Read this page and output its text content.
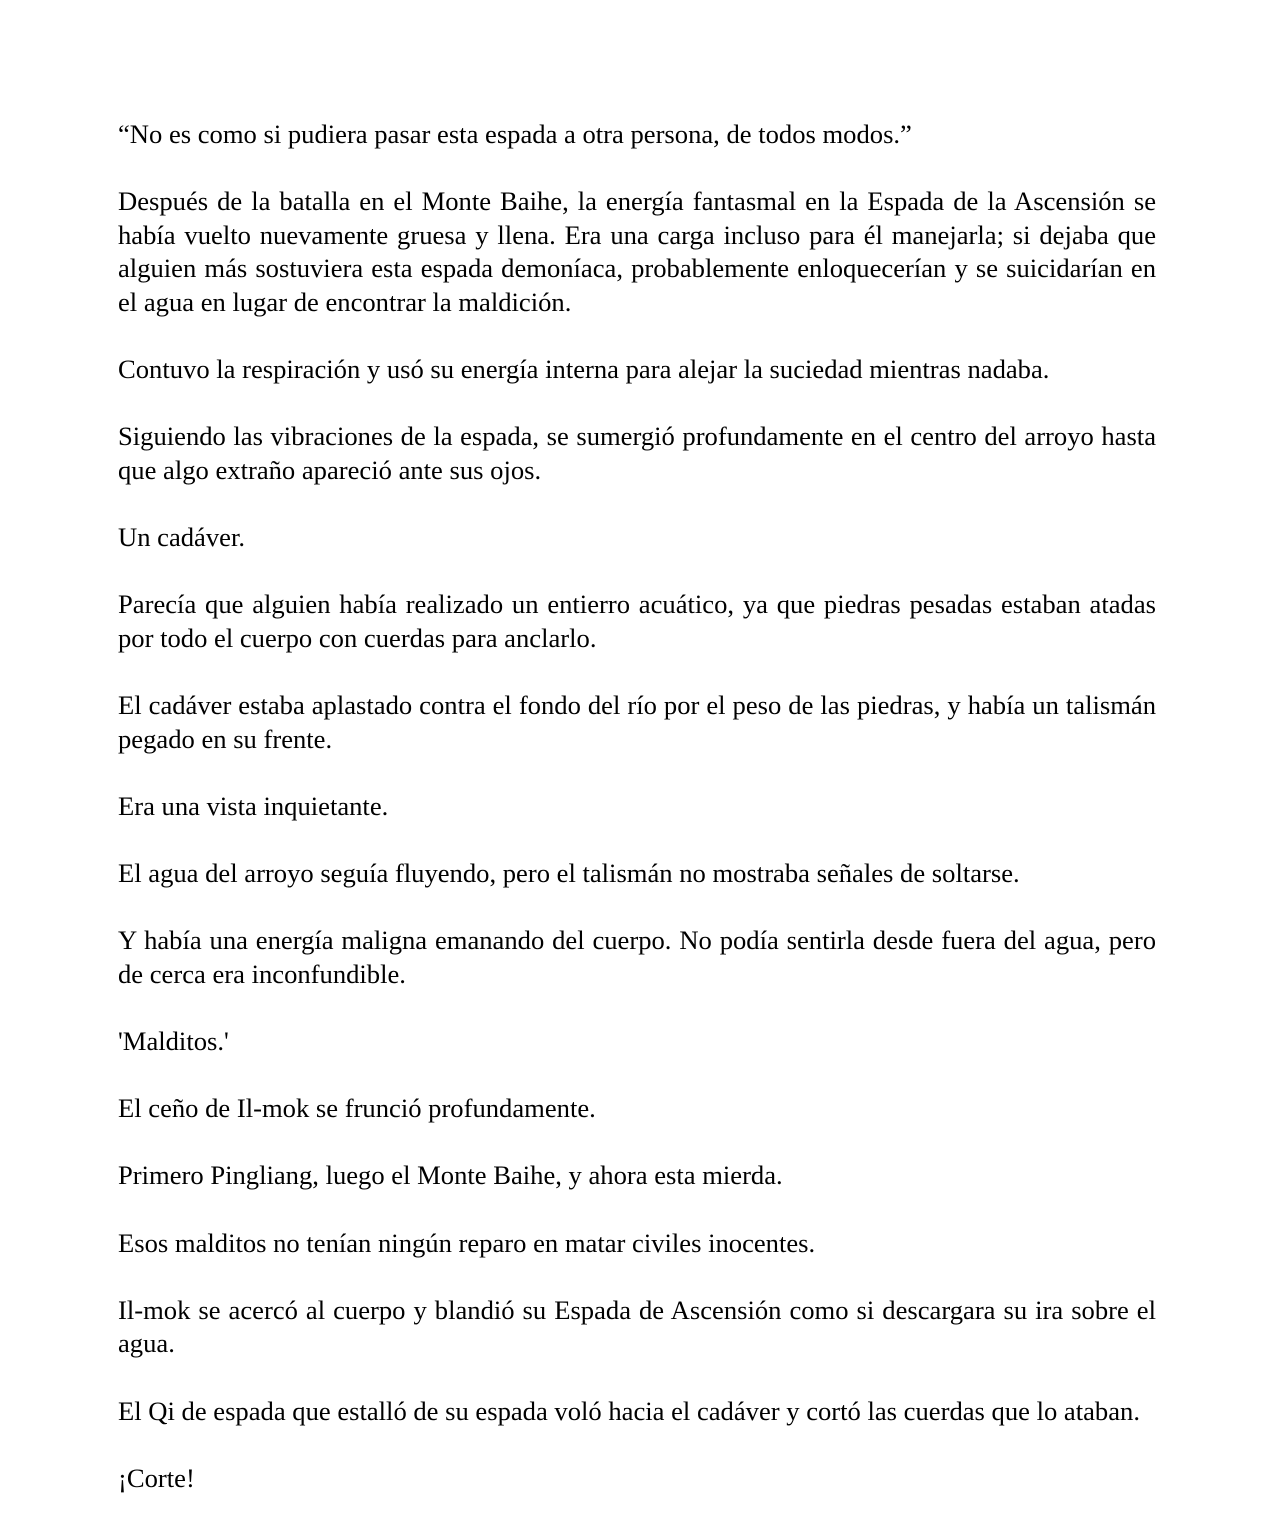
“No es como si pudiera pasar esta espada a otra persona, de todos modos.”

Después de la batalla en el Monte Baihe, la energía fantasmal en la Espada de la Ascensión se había vuelto nuevamente gruesa y llena. Era una carga incluso para él manejarla; si dejaba que alguien más sostuviera esta espada demoníaca, probablemente enloquecerían y se suicidarían en el agua en lugar de encontrar la maldición.

Contuvo la respiración y usó su energía interna para alejar la suciedad mientras nadaba.

Siguiendo las vibraciones de la espada, se sumergió profundamente en el centro del arroyo hasta que algo extraño apareció ante sus ojos.

Un cadáver.

Parecía que alguien había realizado un entierro acuático, ya que piedras pesadas estaban atadas por todo el cuerpo con cuerdas para anclarlo.

El cadáver estaba aplastado contra el fondo del río por el peso de las piedras, y había un talismán pegado en su frente.

Era una vista inquietante.

El agua del arroyo seguía fluyendo, pero el talismán no mostraba señales de soltarse.

Y había una energía maligna emanando del cuerpo. No podía sentirla desde fuera del agua, pero de cerca era inconfundible.

'Malditos.'

El ceño de Il-mok se frunció profundamente.

Primero Pingliang, luego el Monte Baihe, y ahora esta mierda.

Esos malditos no tenían ningún reparo en matar civiles inocentes.

Il-mok se acercó al cuerpo y blandió su Espada de Ascensión como si descargara su ira sobre el agua.

El Qi de espada que estalló de su espada voló hacia el cadáver y cortó las cuerdas que lo ataban.

¡Corte!
